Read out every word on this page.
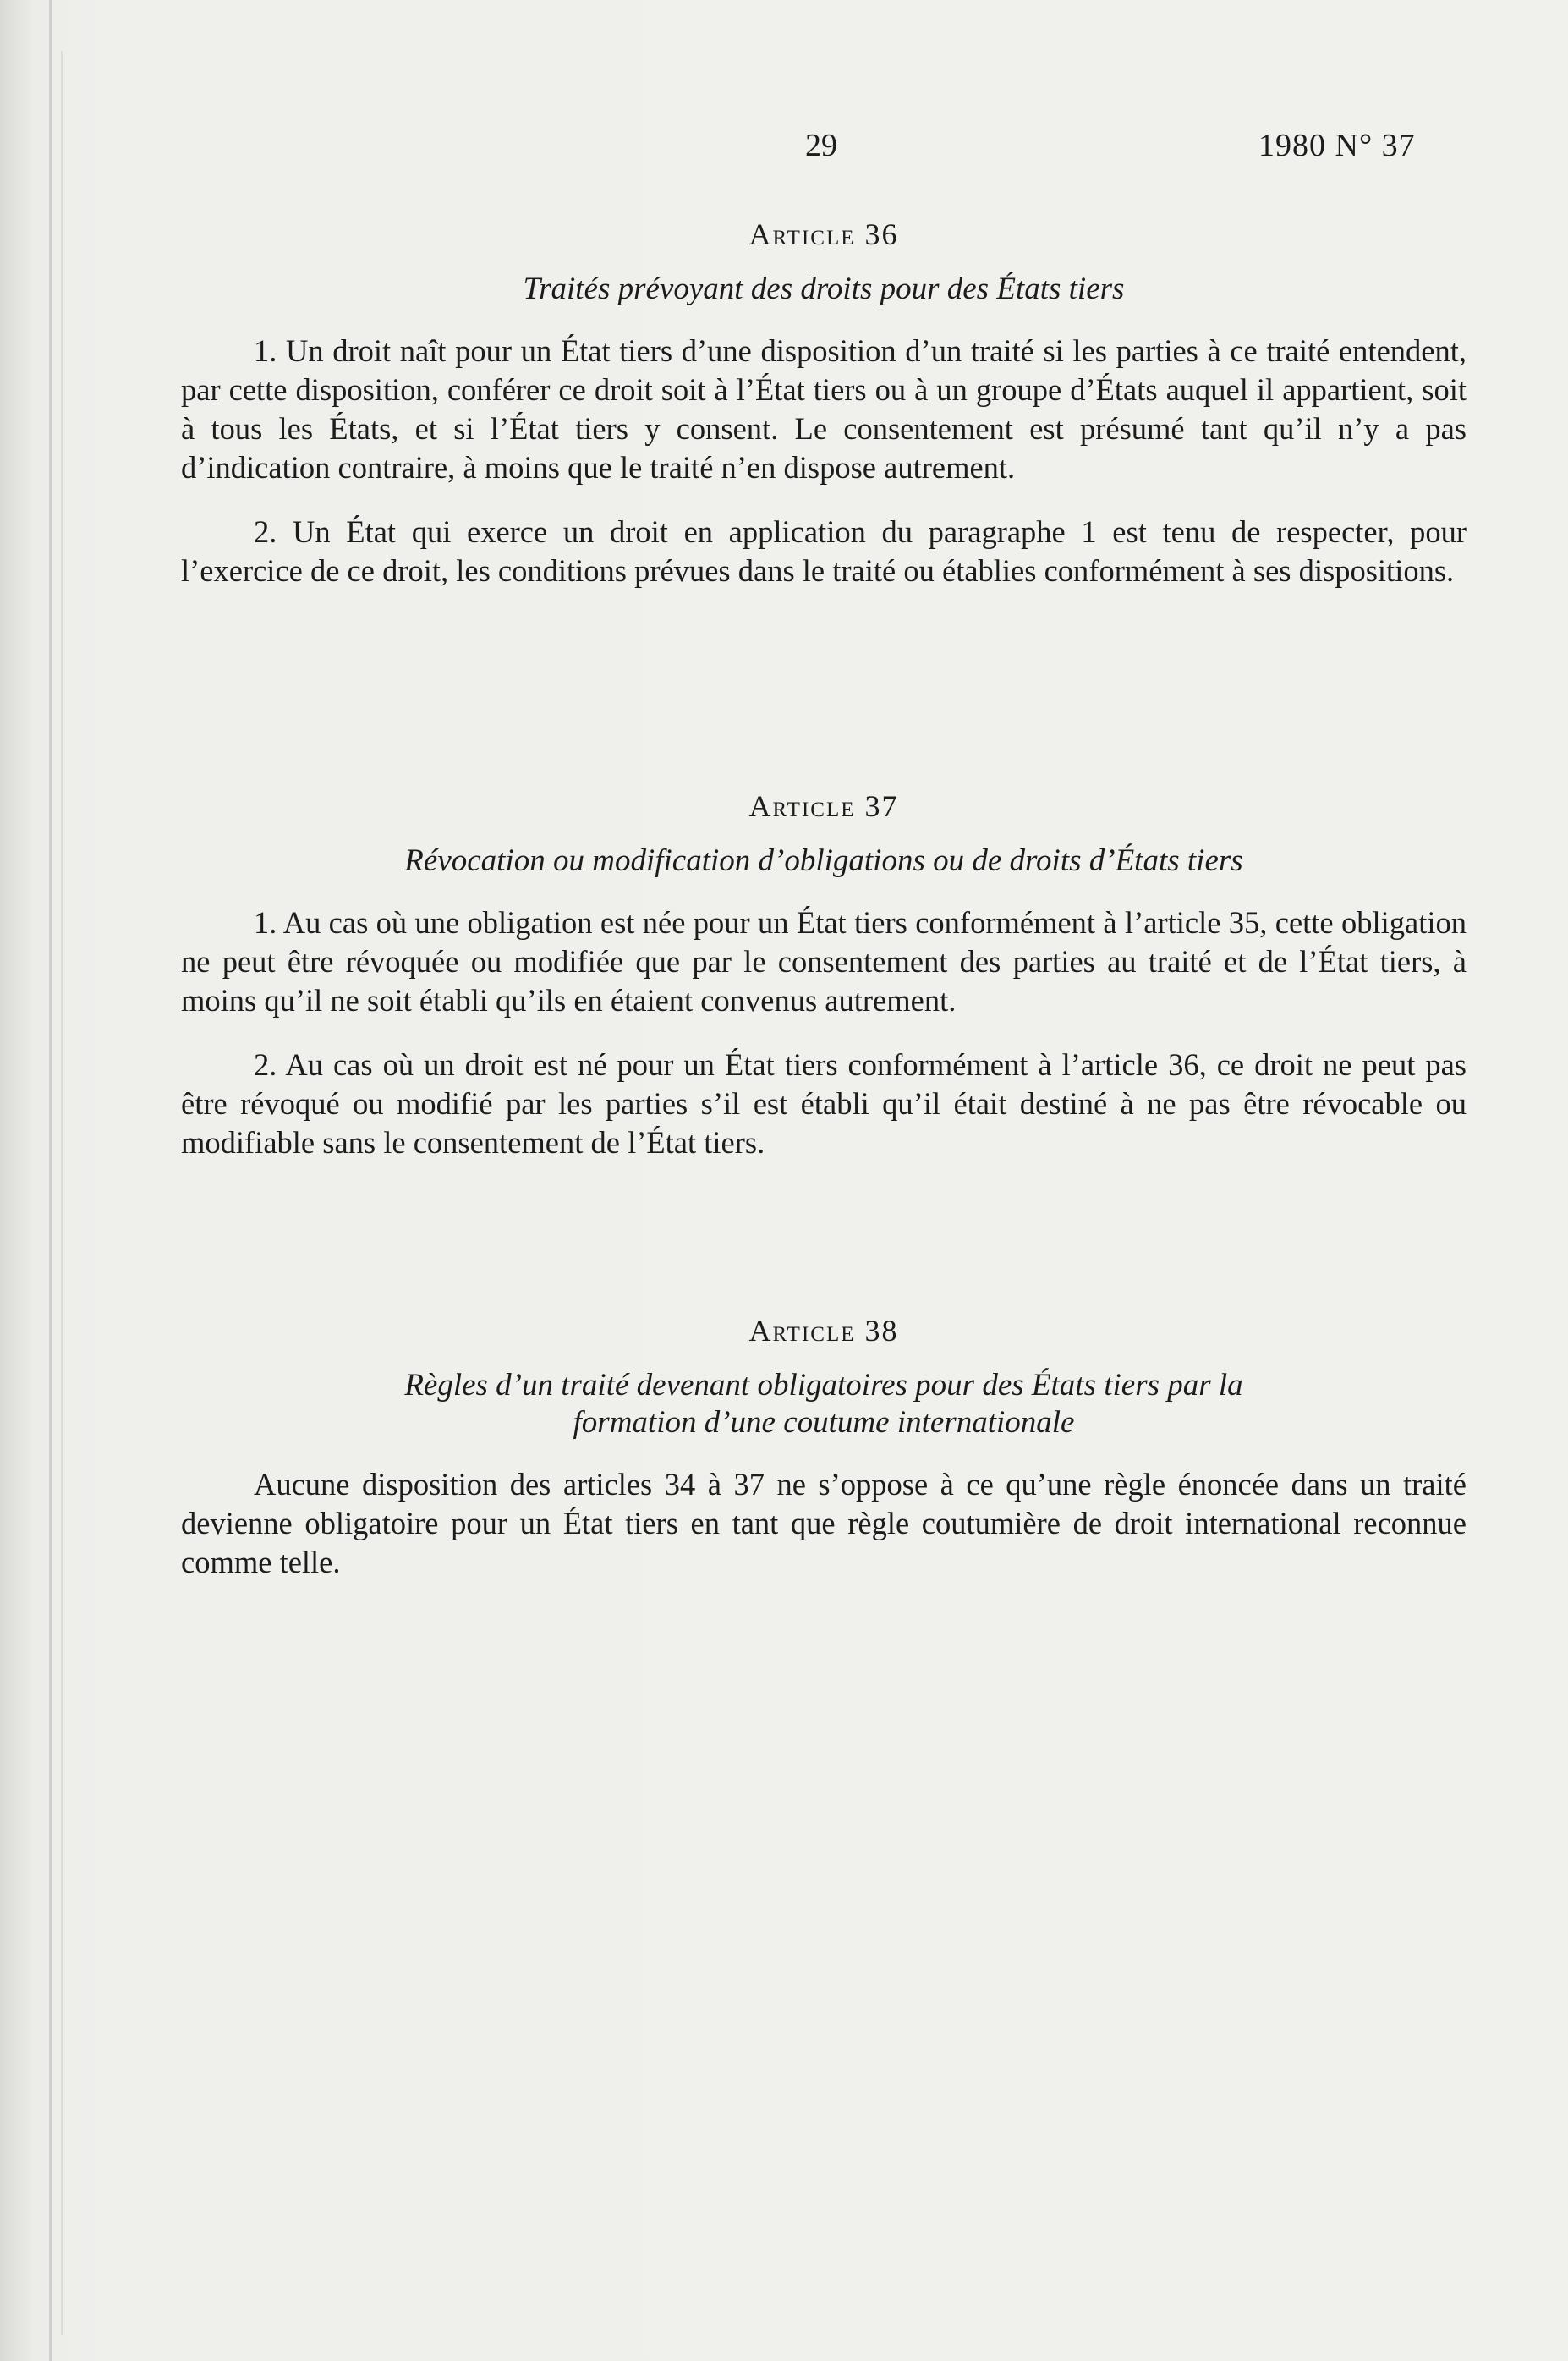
29	1980 N° 37
Article 36
Traités prévoyant des droits pour des États tiers

1. Un droit naît pour un État tiers d’une disposition d’un traité si les parties à ce traité entendent, par cette disposition, conférer ce droit soit à l’État tiers ou à un groupe d’États auquel il appartient, soit à tous les États, et si l’État tiers y consent. Le consentement est présumé tant qu’il n’y a pas d’indication contraire, à moins que le traité n’en dispose autrement.

2. Un État qui exerce un droit en application du paragraphe 1 est tenu de respecter, pour l’exercice de ce droit, les conditions prévues dans le traité ou établies conformément à ses dispositions.

Article 37
Révocation ou modification d’obligations ou de droits d’États tiers

1. Au cas où une obligation est née pour un État tiers conformément à l’article 35, cette obligation ne peut être révoquée ou modifiée que par le consentement des parties au traité et de l’État tiers, à moins qu’il ne soit établi qu’ils en étaient convenus autrement.

2. Au cas où un droit est né pour un État tiers conformément à l’article 36, ce droit ne peut pas être révoqué ou modifié par les parties s’il est établi qu’il était destiné à ne pas être révocable ou modifiable sans le consentement de l’État tiers.

Article 38
Règles d’un traité devenant obligatoires pour des États tiers par la formation d’une coutume internationale

Aucune disposition des articles 34 à 37 ne s’oppose à ce qu’une règle énoncée dans un traité devienne obligatoire pour un État tiers en tant que règle coutumière de droit international reconnue comme telle.
